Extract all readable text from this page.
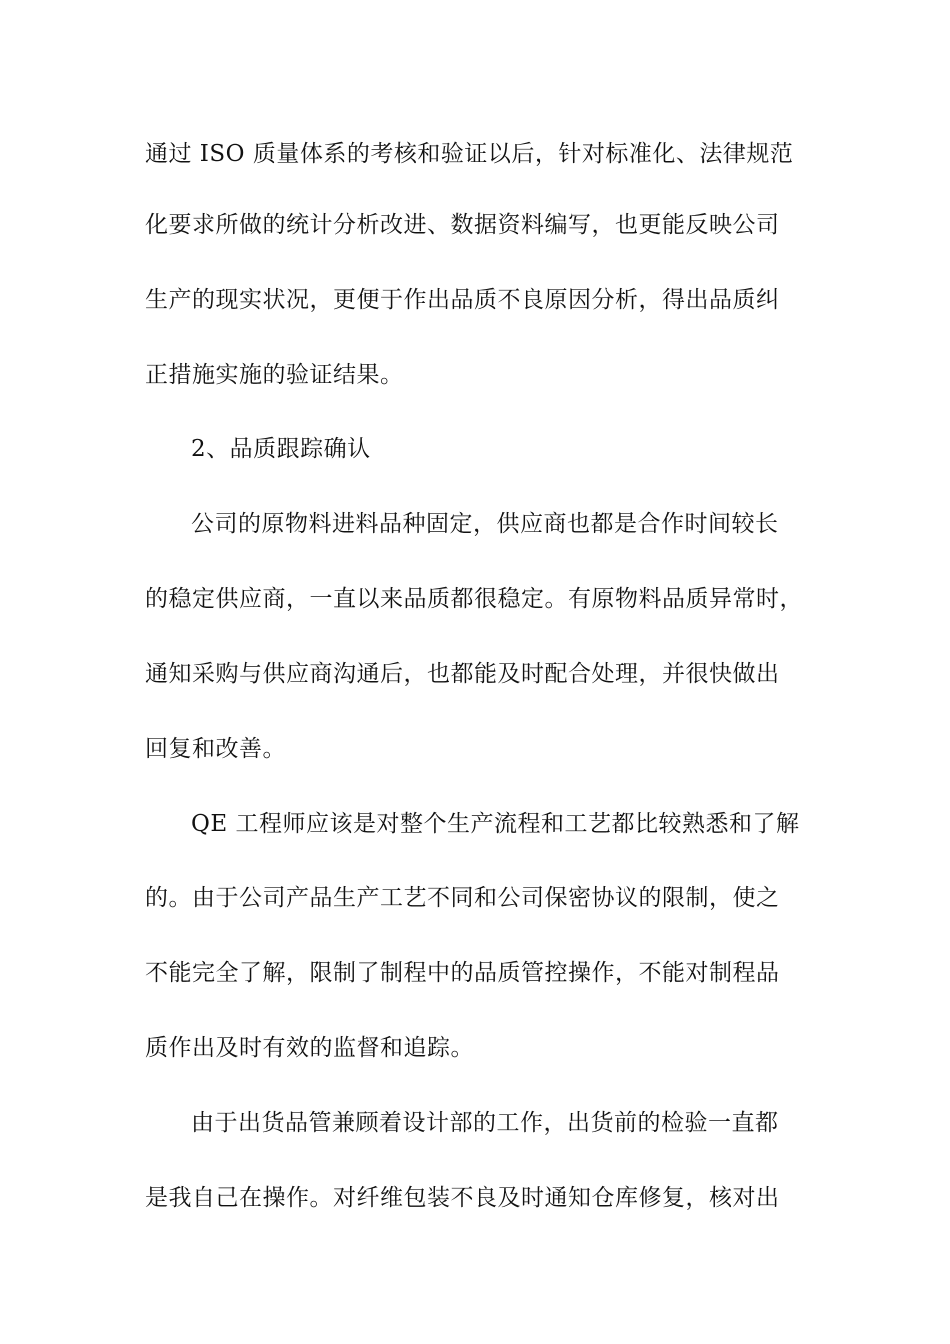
通过 ISO 质量体系的考核和验证以后，针对标准化、法律规范
化要求所做的统计分析改进、数据资料编写，也更能反映公司
生产的现实状况，更便于作出品质不良原因分析，得出品质纠
正措施实施的验证结果。
2、品质跟踪确认
公司的原物料进料品种固定，供应商也都是合作时间较长
的稳定供应商，一直以来品质都很稳定。有原物料品质异常时，
通知采购与供应商沟通后，也都能及时配合处理，并很快做出
回复和改善。
QE 工程师应该是对整个生产流程和工艺都比较熟悉和了解
的。由于公司产品生产工艺不同和公司保密协议的限制，使之
不能完全了解，限制了制程中的品质管控操作，不能对制程品
质作出及时有效的监督和追踪。
由于出货品管兼顾着设计部的工作，出货前的检验一直都
是我自己在操作。对纤维包装不良及时通知仓库修复，核对出
